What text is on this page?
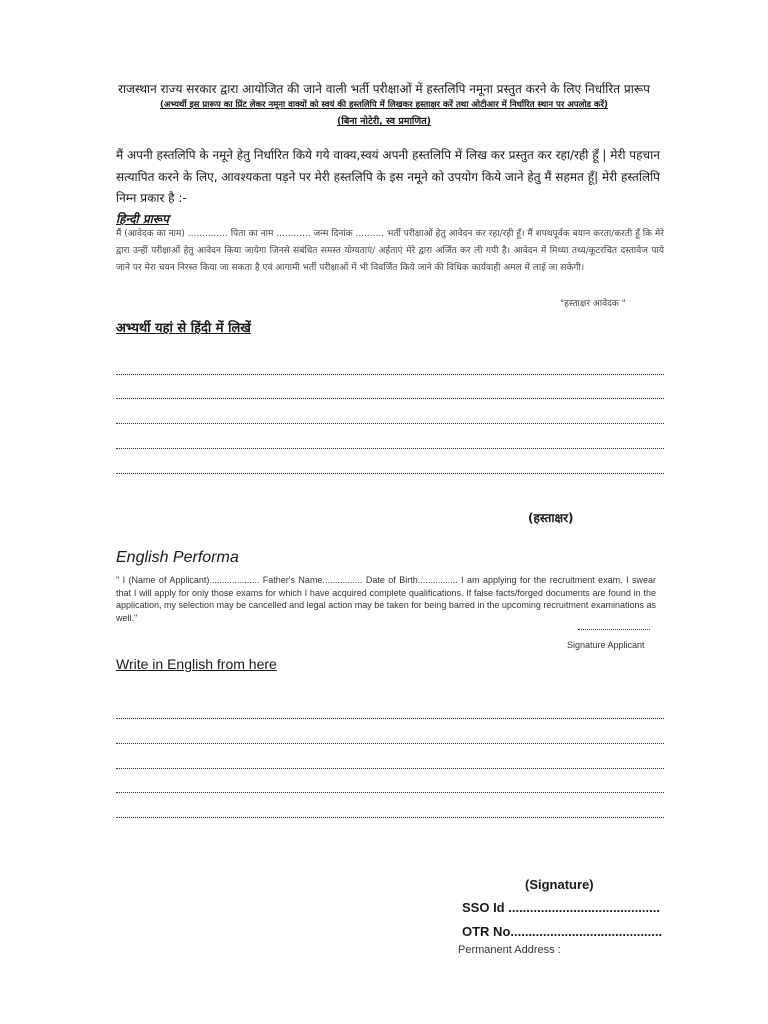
राजस्थान राज्य सरकार द्वारा आयोजित की जाने वाली भर्ती परीक्षाओं में हस्तलिपि नमूना प्रस्तुत करने के लिए निर्धारित प्रारूप
(अभ्यर्थी इस प्रारूप का प्रिंट लेकर नमूना वाक्यों को स्वयं की हस्तलिपि में लिखकर हस्ताक्षर करें तथा ओटीआर में निर्धारित स्थान पर अपलोड करें)
(बिना नोटेरी, स्व प्रमाणित)
मैं अपनी हस्तलिपि के नमूने हेतु निर्धारित किये गये वाक्य,स्वयं अपनी हस्तलिपि में लिख कर प्रस्तुत कर रहा/रही हूँ | मेरी पहचान सत्यापित करने के लिए, आवश्यकता पड़ने पर मेरी हस्तलिपि के इस नमूने को उपयोग किये जाने हेतु मैं सहमत हूँ| मेरी हस्तलिपि निम्न प्रकार है :-
हिन्दी प्रारूप
मैं (आवेदक का नाम) .............. पिता का नाम ............ जन्म दिनांक .......... भर्ती परीक्षाओं हेतु आवेदन कर रहा/रही हूँ। मैं शपथपूर्वक बयान करता/करती हूँ कि मेरे द्वारा उन्हीं परीक्षाओं हेतु आवेदन किया जायेगा जिनसे संबंधित समस्त योग्यताएं/ अर्हताएं मेरे द्वारा अर्जित कर ली गयी है। आवेदन में मिथ्या तथ्य/कूटरचित दस्तावेज पाये जाने पर मेरा चयन निरस्त किया जा सकता है एवं आगामी भर्ती परीक्षाओं में भी विवर्जित किये जाने की विधिक कार्यवाही अमल में लाई जा सकेगी।
"हस्ताक्षर आवेदक "
अभ्यर्थी यहां से हिंदी में लिखें
(हस्ताक्षर)
English Performa
" I (Name of Applicant).................... Father's Name................ Date of Birth................ I am applying for the recruitment exam. I swear that I will apply for only those exams for which I have acquired complete qualifications. If false facts/forged documents are found in the application, my selection may be cancelled and legal action may be taken for being barred in the upcoming recruitment examinations as well."
Signature Applicant
Write in English from here
(Signature)
SSO Id ..........................................
OTR No..........................................
Permanent Address :
